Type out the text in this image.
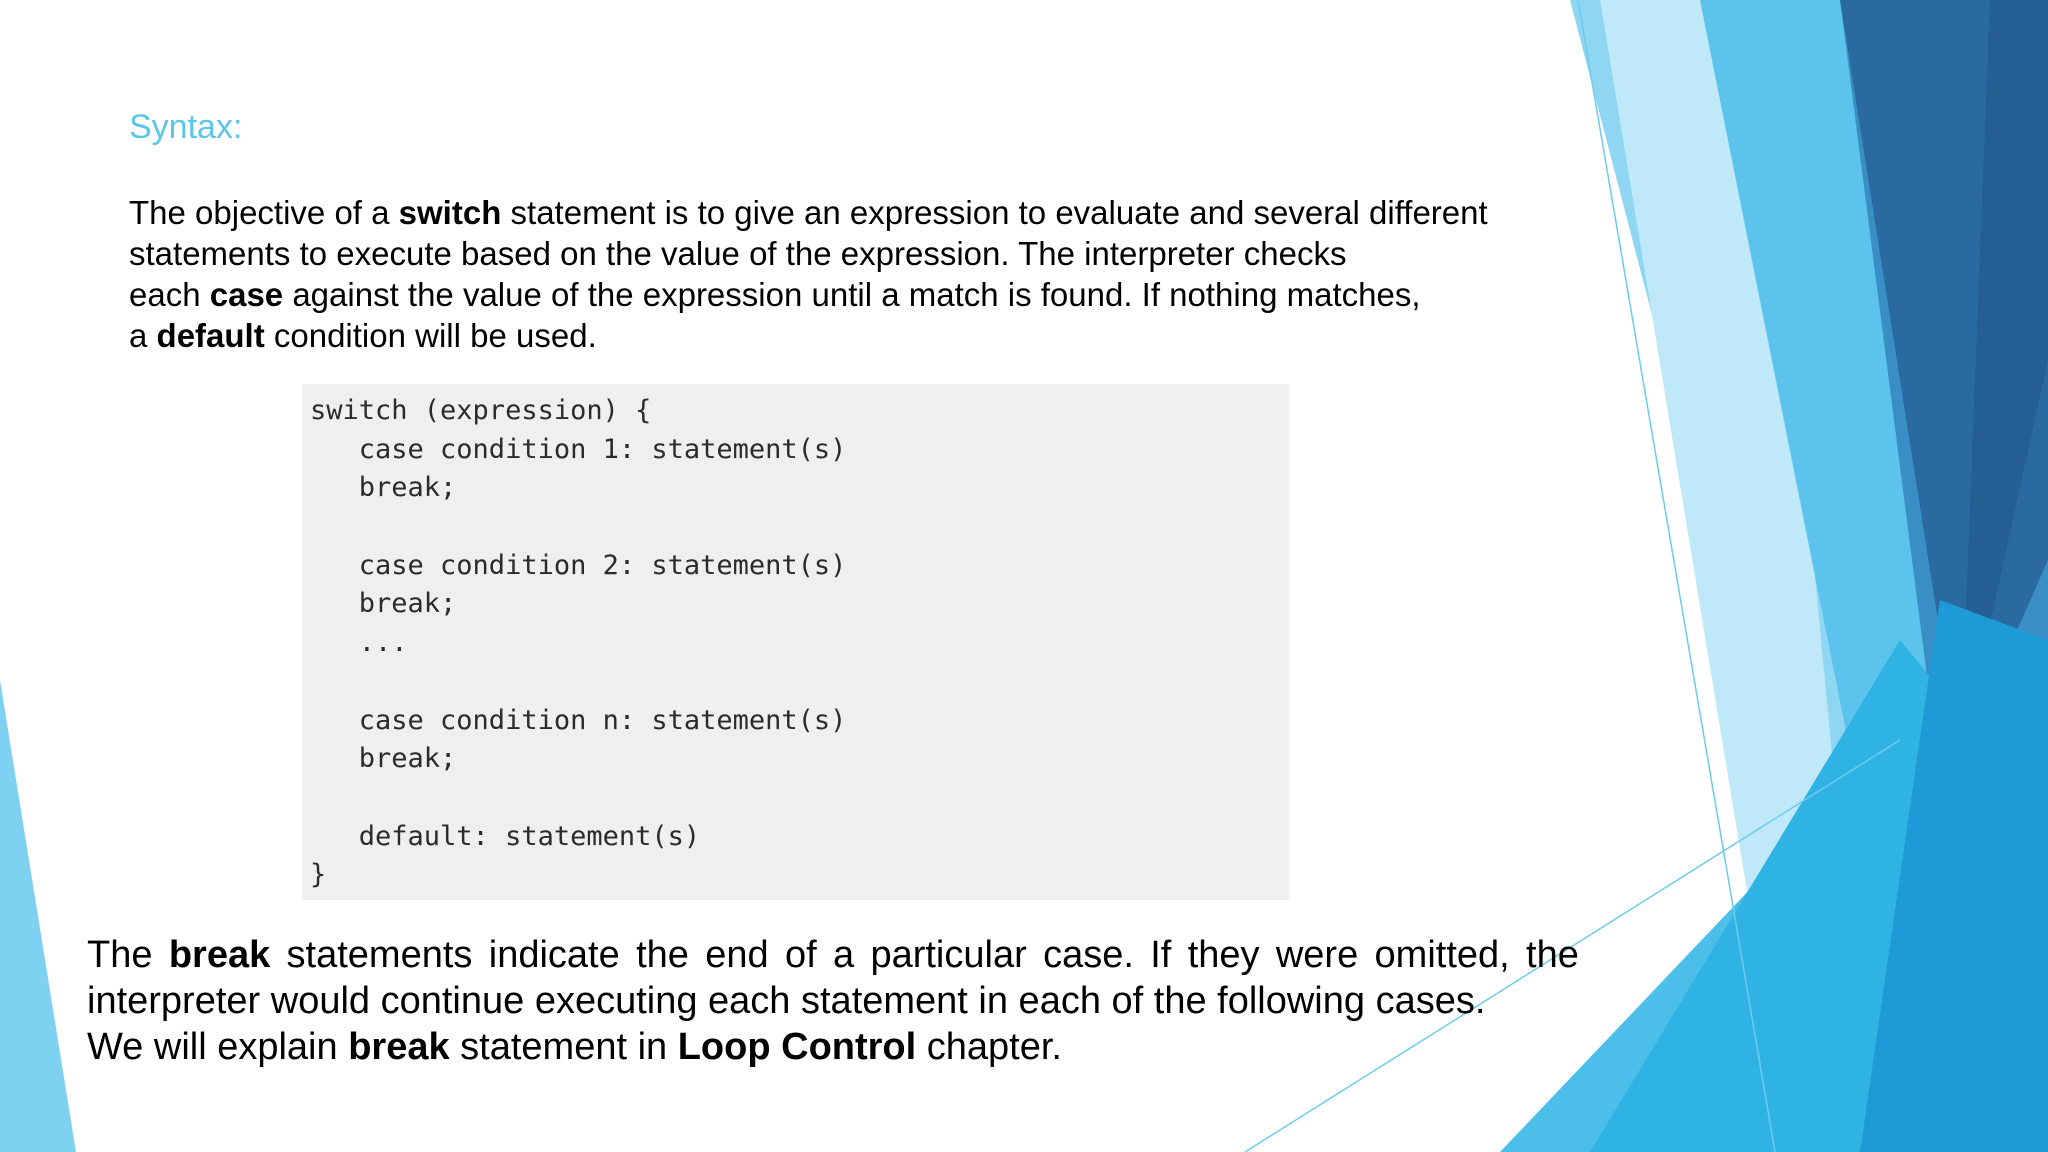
Syntax:

The objective of a switch statement is to give an expression to evaluate and several different
statements to execute based on the value of the expression. The interpreter checks
each case against the value of the expression until a match is found. If nothing matches,
a default condition will be used.

switch (expression) {
case condition 1: statement(s)
break;
case condition 2: statement(s)
break;
...
case condition n: statement(s)
break;
default: statement(s)
}
The break statements indicate the end of a particular case. If they were omitted, the
interpreter would continue executing each statement in each of the following cases.
We will explain break statement in Loop Control chapter.
